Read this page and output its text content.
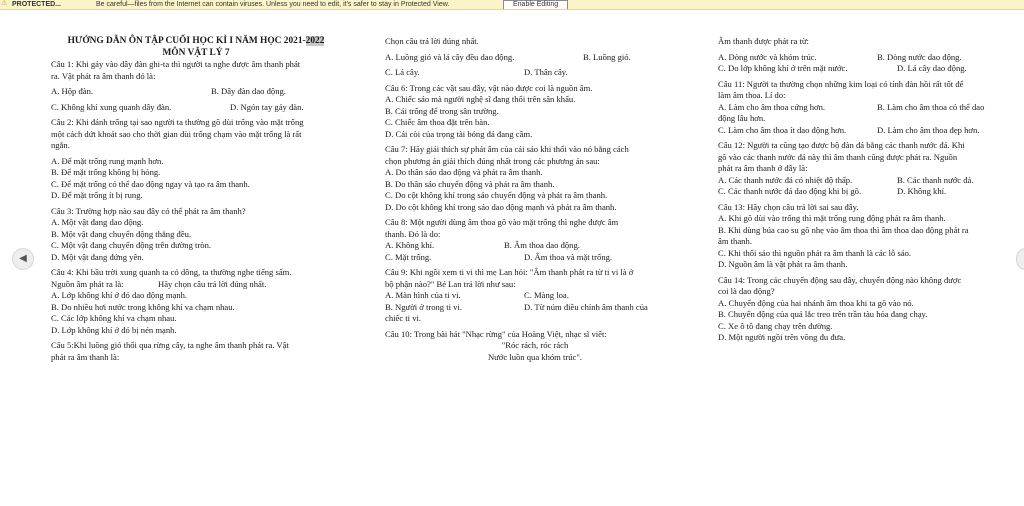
⚠ PROTECTED...	Be careful—files from the Internet can contain viruses. Unless you need to edit, it's safer to stay in Protected View.	Enable Editing

HƯỚNG DẪN ÔN TẬP CUỐI HỌC KÌ I NĂM HỌC 2021-2022

MÔN VẬT LÝ 7

Câu 1: Khi gảy vào dây đàn ghi-ta thì người ta nghe được âm thanh phát

ra. Vật phát ra âm thanh đó là:

A. Hộp đàn.	B. Dây đàn dao động.
C. Không khí xung quanh dây đàn.	D. Ngón tay gảy đàn.

Câu 2: Khi đánh trống tại sao người ta thường gõ dùi trống vào mặt trống

một cách dứt khoát sao cho thời gian dùi trống chạm vào mặt trống là rất

ngắn.

A. Để mặt trống rung mạnh hơn.

B. Để mặt trống không bị hỏng.

C. Để mặt trống có thể dao động ngay và tạo ra âm thanh.

D. Để mặt trống ít bị rung.

Câu 3: Trường hợp nào sau đây có thể phát ra âm thanh?

A. Một vật đang dao động.

B. Một vật đang chuyển động thẳng đều.

C. Một vật đang chuyển động trên đường tròn.

D. Một vật đang đứng yên.

Câu 4: Khi bầu trời xung quanh ta có dông, ta thường nghe tiếng sấm.

Nguồn âm phát ra là:	Hãy chọn câu trả lời đúng nhất.

A. Lớp không khí ở đó dao động mạnh.

B. Do nhiều hơi nước trong không khí va chạm nhau.

C. Các lớp không khí va chạm nhau.

D. Lớp không khí ở đó bị nén mạnh.

Câu 5:Khi luồng gió thổi qua rừng cây, ta nghe âm thanh phát ra. Vật

phát ra âm thanh là:

Chọn câu trả lời đúng nhất.

A. Luồng gió và lá cây đều dao động.	B. Luồng gió.
C. Lá cây.	D. Thân cây.

Câu 6: Trong các vật sau đây, vật nào được coi là nguồn âm.

A. Chiếc sáo mà người nghệ sĩ đang thổi trên sân khấu.

B. Cái trống để trong sân trường.

C. Chiếc âm thoa đặt trên bàn.

D. Cái còi của trọng tài bóng đá đang cầm.

Câu 7: Hãy giải thích sự phát âm của cái sáo khi thổi vào nó bằng cách

chọn phương án giải thích đúng nhất trong các phương án sau:

A. Do thân sáo dao động và phát ra âm thanh.

B. Do thân sáo chuyển động và phát ra âm thanh.

C. Do cột không khí trong sáo chuyển động và phát ra âm thanh.

D. Do cột không khí trong sáo dao động mạnh và phát ra âm thanh.

Câu 8: Một người dùng âm thoa gõ vào mặt trống thì nghe được âm

thanh. Đó là do:

A. Không khí.	B. Âm thoa dao động.
C. Mặt trống.	D. Âm thoa và mặt trống.

Câu 9: Khi ngồi xem ti vi thì mẹ Lan hỏi: "Âm thanh phát ra từ ti vi là ở

bộ phận nào?" Bé Lan trả lời như sau:

A. Màn hình của ti vi.	C. Màng loa.
B. Người ở trong ti vi.	D. Từ núm điều chỉnh âm thanh của

chiếc ti vi.

Câu 10: Trong bài hát "Nhạc rừng" của Hoàng Việt, nhạc sĩ viết:

"Róc rách, róc rách

Nước luồn qua khóm trúc".

Âm thanh được phát ra từ:

A. Dòng nước và khóm trúc.	B. Dòng nước dao động.
C. Do lớp không khí ở trên mặt nước.	D. Lá cây dao động.

Câu 11: Người ta thường chọn những kim loại có tính đàn hồi rất tốt để

làm âm thoa. Lí do:

A. Làm cho âm thoa cứng hơn.	B. Làm cho âm thoa có thể dao

động lâu hơn.

C. Làm cho âm thoa ít dao động hơn.	D. Làm cho âm thoa đẹp hơn.

Câu 12: Người ta cũng tạo được bộ đàn đá bằng các thanh nước đá. Khi

gõ vào các thanh nước đá này thì âm thanh cũng được phát ra. Nguồn

phát ra âm thanh ở đây là:

A. Các thanh nước đá có nhiệt độ thấp.	B. Các thanh nước đá.
C. Các thanh nước đá dao động khi bị gõ.	D. Không khí.

Câu 13: Hãy chọn câu trả lời sai sau đây.

A. Khi gõ dùi vào trống thì mặt trống rung động phát ra âm thanh.

B. Khi dùng búa cao su gõ nhẹ vào âm thoa thì âm thoa dao động phát ra

âm thanh.

C. Khi thổi sáo thì nguồn phát ra âm thanh là các lỗ sáo.

D. Nguồn âm là vật phát ra âm thanh.

Câu 14: Trong các chuyển động sau đây, chuyển động nào không được

coi là dao động?

A. Chuyển động của hai nhánh âm thoa khi ta gõ vào nó.

B. Chuyển động của quả lắc treo trên trần tàu hỏa đang chạy.

C. Xe ô tô đang chạy trên đường.

D. Một người ngồi trên võng đu đưa.

◀
